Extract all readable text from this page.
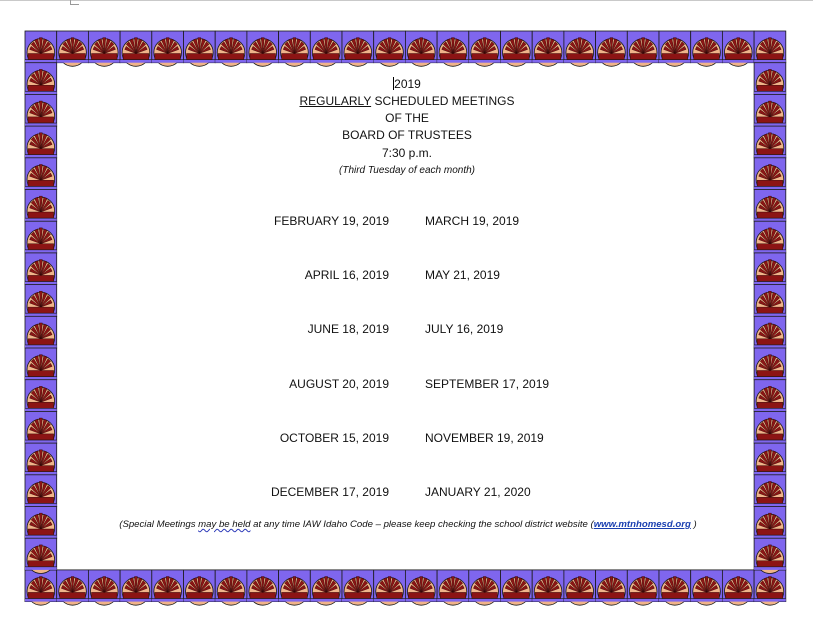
2019
REGULARLY SCHEDULED MEETINGS
OF THE
BOARD OF TRUSTEES
7:30 p.m.
(Third Tuesday of each month)
FEBRUARY 19, 2019	MARCH 19, 2019
APRIL 16, 2019	MAY 21, 2019
JUNE 18, 2019	JULY 16, 2019
AUGUST 20, 2019	SEPTEMBER 17, 2019
OCTOBER 15, 2019	NOVEMBER 19, 2019
DECEMBER 17, 2019	JANUARY 21, 2020
(Special Meetings may be held at any time IAW Idaho Code – please keep checking the school district website (www.mtnhomesd.org )
